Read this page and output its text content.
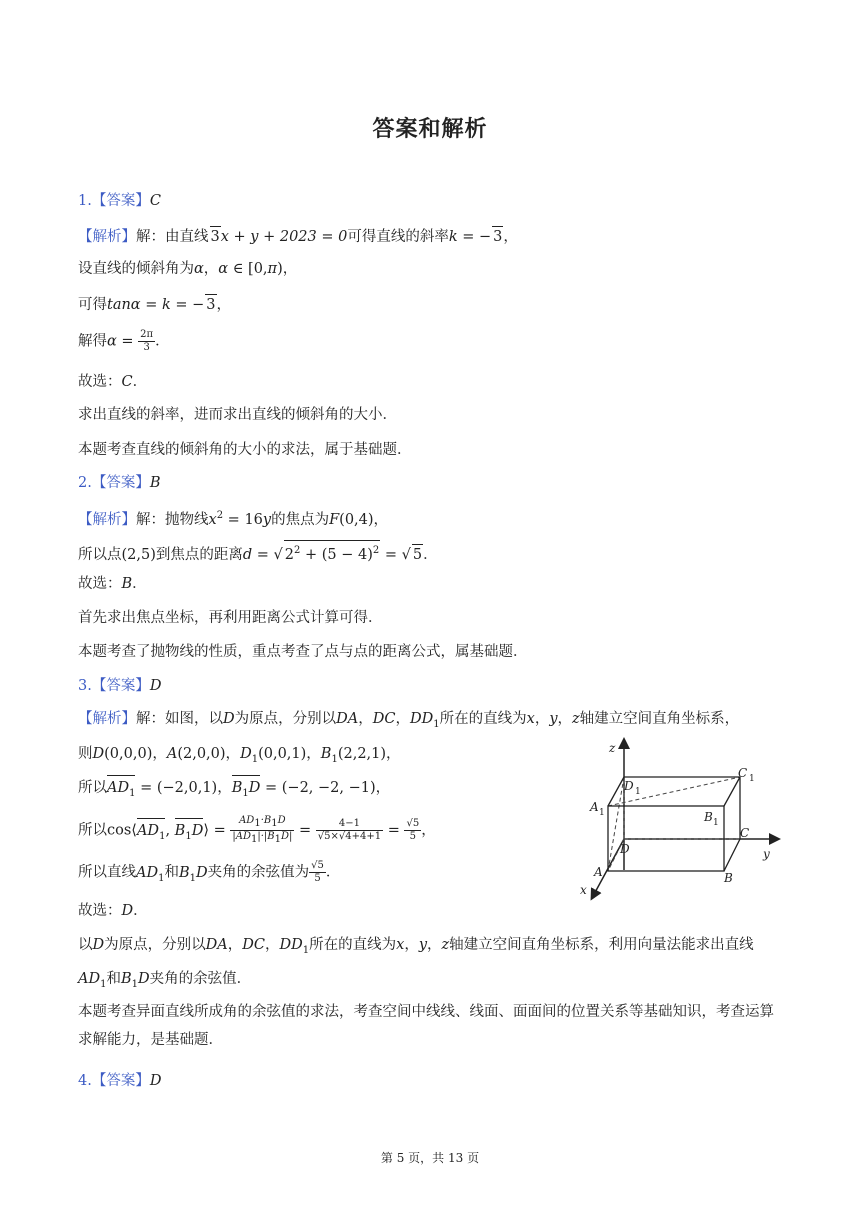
答案和解析
1.【答案】C
【解析】解：由直线 3x + y + 2023 = 0可得直线的斜率k = − 3，
设直线的倾斜角为α，α ∈ [0,π)，
可得tanα = k = − 3，
解得$\alpha = \frac{2\pi}{3}$ ．
故选：C．
求出直线的斜率，进而求出直线的倾斜角的大小．
本题考查直线的倾斜角的大小的求法，属于基础题．
2.【答案】B
【解析】解：抛物线$x^2 = 16y$的焦点为F(0,4)，
所以点(2,5)到焦点的距离d = √ $2^2 + (5 - 4)^2$ = √ 5．
故选：B．
首先求出焦点坐标，再利用距离公式计算可得．
本题考查了抛物线的性质，重点考查了点与点的距离公式，属基础题．
3.【答案】D
【解析】解：如图，以D为原点，分别以DA，DC，$DD_1$所在的直线为x，y，z轴建立空间直角坐标系，
则D(0,0,0)，A(2,0,0)，$D_1(0,0,1)$，$B_1(2,2,1)$，
所以$AD_1 = (-2,0,1)$，$B_1D = (-2$, −2, −1)，
所以$\cos⟨AD_1$, $B_1D⟩ = \frac{AD_1\cdot B_1D}{|AD_1|\cdot|B_1D|} = \frac{4-1}{√5\times√4+4+1} = \frac{√5}{5}$ ，
所以直线$AD_1$和$B_1D$夹角的余弦值为 $\frac{√5}{5}$ ．
故选：D．
以D为原点，分别以DA，DC，$DD_1$所在的直线为x，y，z轴建立空间直角坐标系，利用向量法能求出直线
$AD_1$和$B_1D$夹角的余弦值．
本题考查异面直线所成角的余弦值的求法，考查空间中线线、线面、面面间的位置关系等基础知识，考查运算求解能力，是基础题．
4.【答案】D
z
D 1
C 1
A 1	B 1
C
D	y
A	B
x
第 5 页，共 13 页
